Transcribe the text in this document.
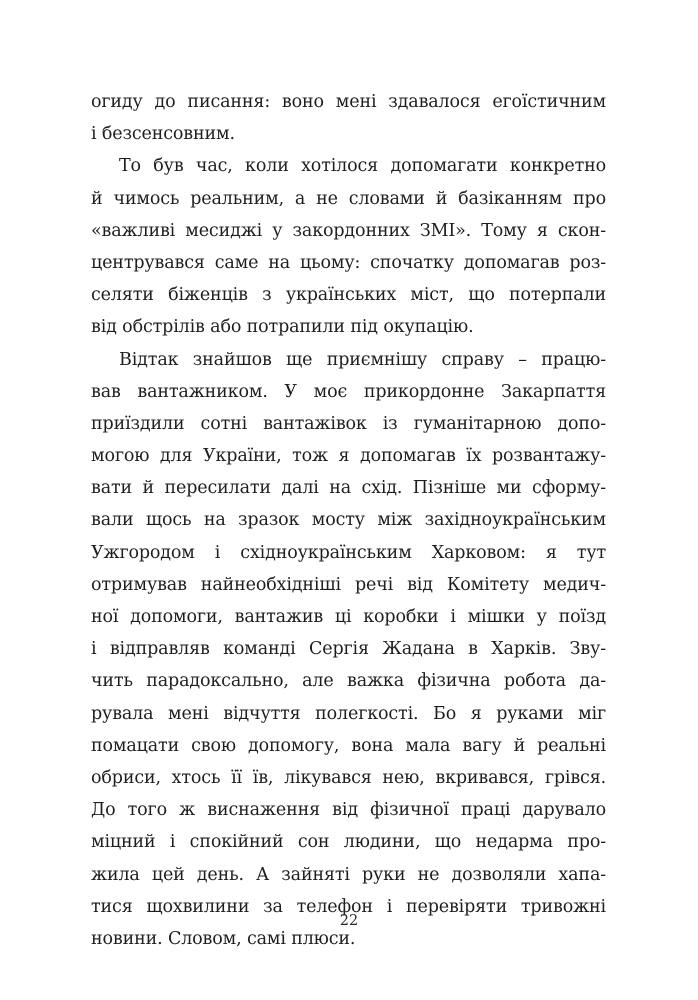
огиду до писання: воно мені здавалося егоїстичним
і безсенсовним.
То був час, коли хотілося допомагати конкретно
й чимось реальним, а не словами й базіканням про
«важливі месиджі у закордонних ЗМІ». Тому я скон-
центрувався саме на цьому: спочатку допомагав роз-
селяти біженців з українських міст, що потерпали
від обстрілів або потрапили під окупацію.
Відтак знайшов ще приємнішу справу – працю-
вав вантажником. У моє прикордонне Закарпаття
приїздили сотні вантажівок із гуманітарною допо-
могою для України, тож я допомагав їх розвантажу-
вати й пересилати далі на схід. Пізніше ми сформу-
вали щось на зразок мосту між західноукраїнським
Ужгородом і східноукраїнським Харковом: я тут
отримував найнеобхідніші речі від Комітету медич-
ної допомоги, вантажив ці коробки і мішки у поїзд
і відправляв команді Сергія Жадана в Харків. Зву-
чить парадоксально, але важка фізична робота да-
рувала мені відчуття полегкості. Бо я руками міг
помацати свою допомогу, вона мала вагу й реальні
обриси, хтось її їв, лікувався нею, вкривався, грівся.
До того ж виснаження від фізичної праці дарувало
міцний і спокійний сон людини, що недарма про-
жила цей день. А зайняті руки не дозволяли хапа-
тися щохвилини за телефон і перевіряти тривожні
новини. Словом, самі плюси.
22
